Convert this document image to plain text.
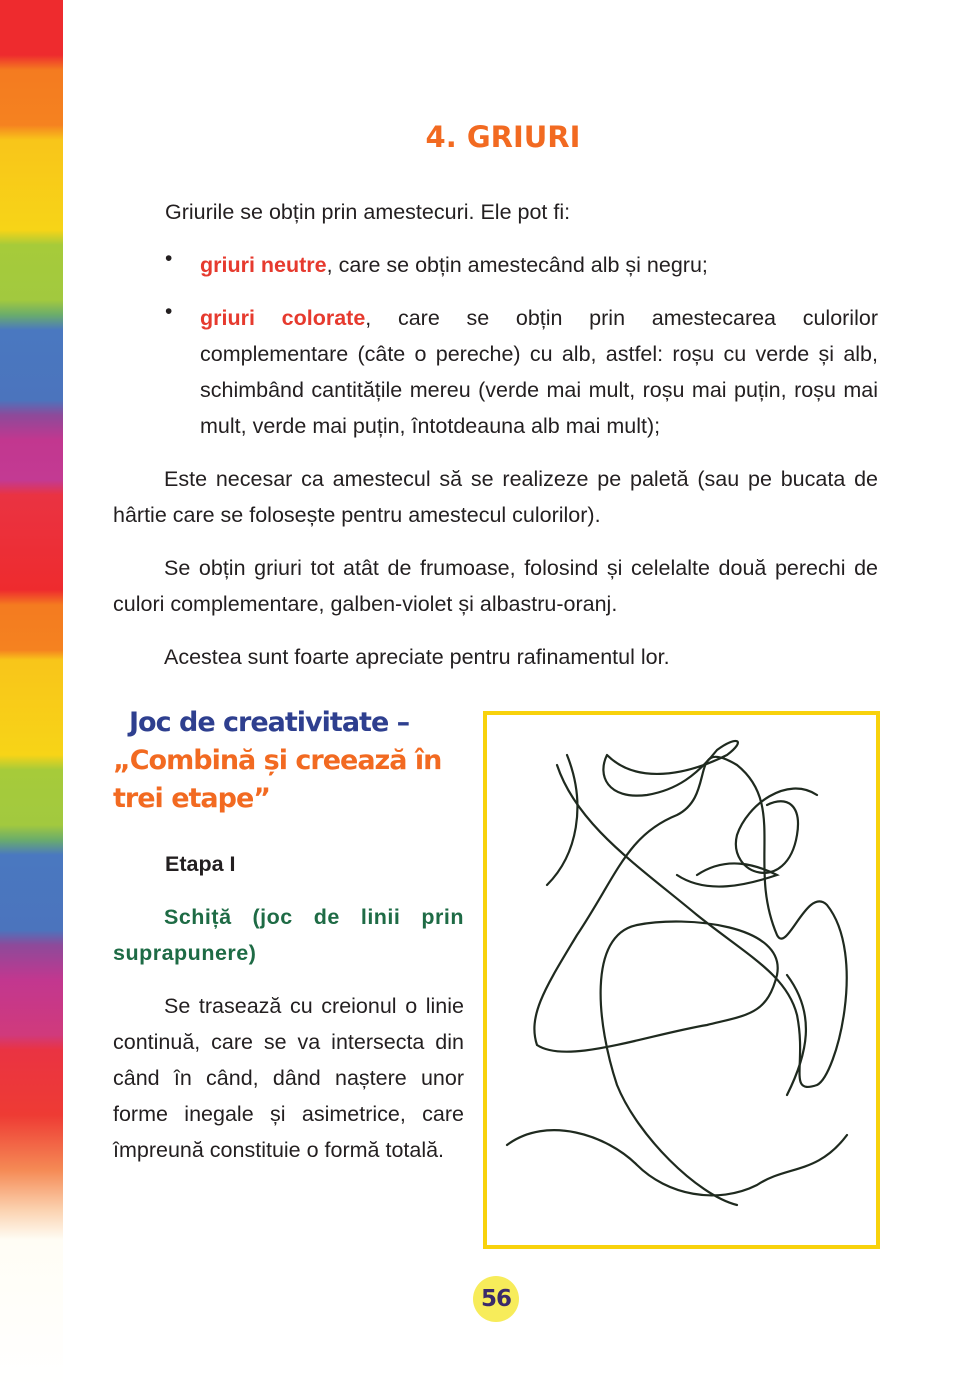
4. GRIURI
Griurile se obțin prin amestecuri. Ele pot fi:
• griuri neutre, care se obțin amestecând alb și negru;
• griuri colorate, care se obțin prin amestecarea culorilor complementare (câte o pereche) cu alb, astfel: roșu cu verde și alb, schimbând cantitățile mereu (verde mai mult, roșu mai puțin, roșu mai mult, verde mai puțin, întotdeauna alb mai mult);
Este necesar ca amestecul să se realizeze pe paletă (sau pe bucata de hârtie care se folosește pentru amestecul culorilor).
Se obțin griuri tot atât de frumoase, folosind și celelalte două perechi de culori complementare, galben-violet și albastru-oranj.
Acestea sunt foarte apreciate pentru rafinamentul lor.
Joc de creativitate –
„Combină și creează în trei etape”
Etapa I
Schiță (joc de linii prin suprapunere)
Se trasează cu creionul o linie continuă, care se va intersecta din când în când, dând naștere unor forme inegale și asimetrice, care împreună constituie o formă totală.
56
